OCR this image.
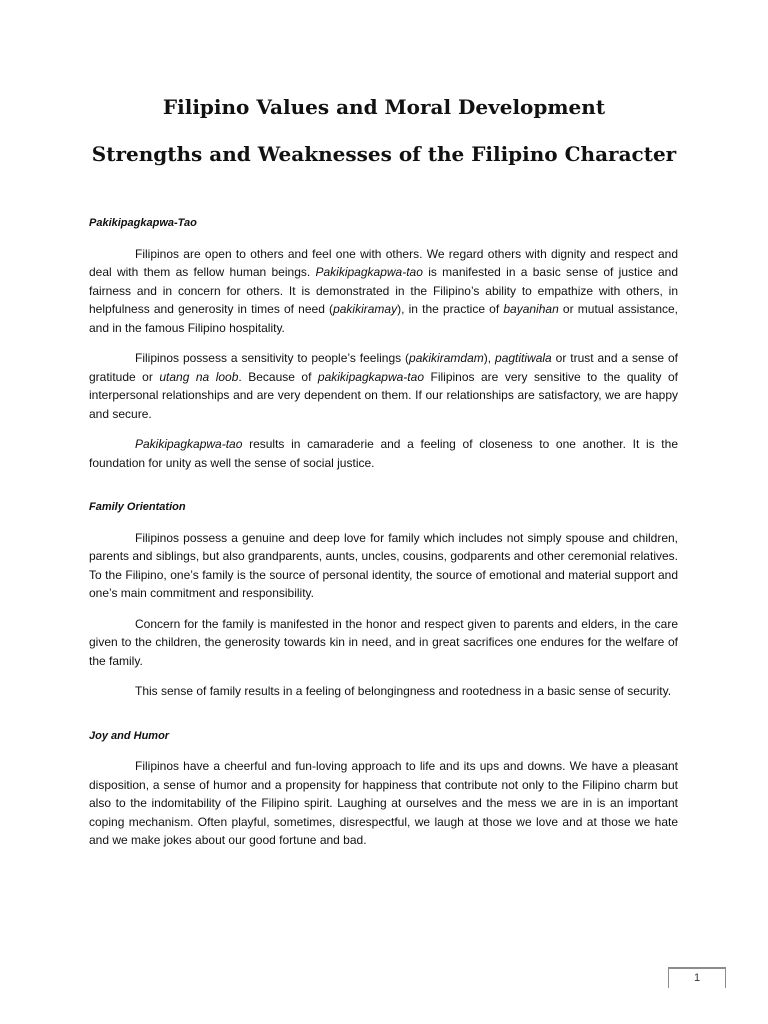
Filipino Values and Moral Development
Strengths and Weaknesses of the Filipino Character
Pakikipagkapwa-Tao

Filipinos are open to others and feel one with others. We regard others with dignity and respect and deal with them as fellow human beings. Pakikipagkapwa-tao is manifested in a basic sense of justice and fairness and in concern for others. It is demonstrated in the Filipino’s ability to empathize with others, in helpfulness and generosity in times of need (pakikiramay), in the practice of bayanihan or mutual assistance, and in the famous Filipino hospitality.

Filipinos possess a sensitivity to people’s feelings (pakikiramdam), pagtitiwala or trust and a sense of gratitude or utang na loob. Because of pakikipagkapwa-tao Filipinos are very sensitive to the quality of interpersonal relationships and are very dependent on them. If our relationships are satisfactory, we are happy and secure.

Pakikipagkapwa-tao results in camaraderie and a feeling of closeness to one another. It is the foundation for unity as well the sense of social justice.

Family Orientation

Filipinos possess a genuine and deep love for family which includes not simply spouse and children, parents and siblings, but also grandparents, aunts, uncles, cousins, godparents and other ceremonial relatives. To the Filipino, one’s family is the source of personal identity, the source of emotional and material support and one’s main commitment and responsibility.

Concern for the family is manifested in the honor and respect given to parents and elders, in the care given to the children, the generosity towards kin in need, and in great sacrifices one endures for the welfare of the family.

This sense of family results in a feeling of belongingness and rootedness in a basic sense of security.

Joy and Humor

Filipinos have a cheerful and fun-loving approach to life and its ups and downs. We have a pleasant disposition, a sense of humor and a propensity for happiness that contribute not only to the Filipino charm but also to the indomitability of the Filipino spirit. Laughing at ourselves and the mess we are in is an important coping mechanism. Often playful, sometimes, disrespectful, we laugh at those we love and at those we hate and we make jokes about our good fortune and bad.

1
